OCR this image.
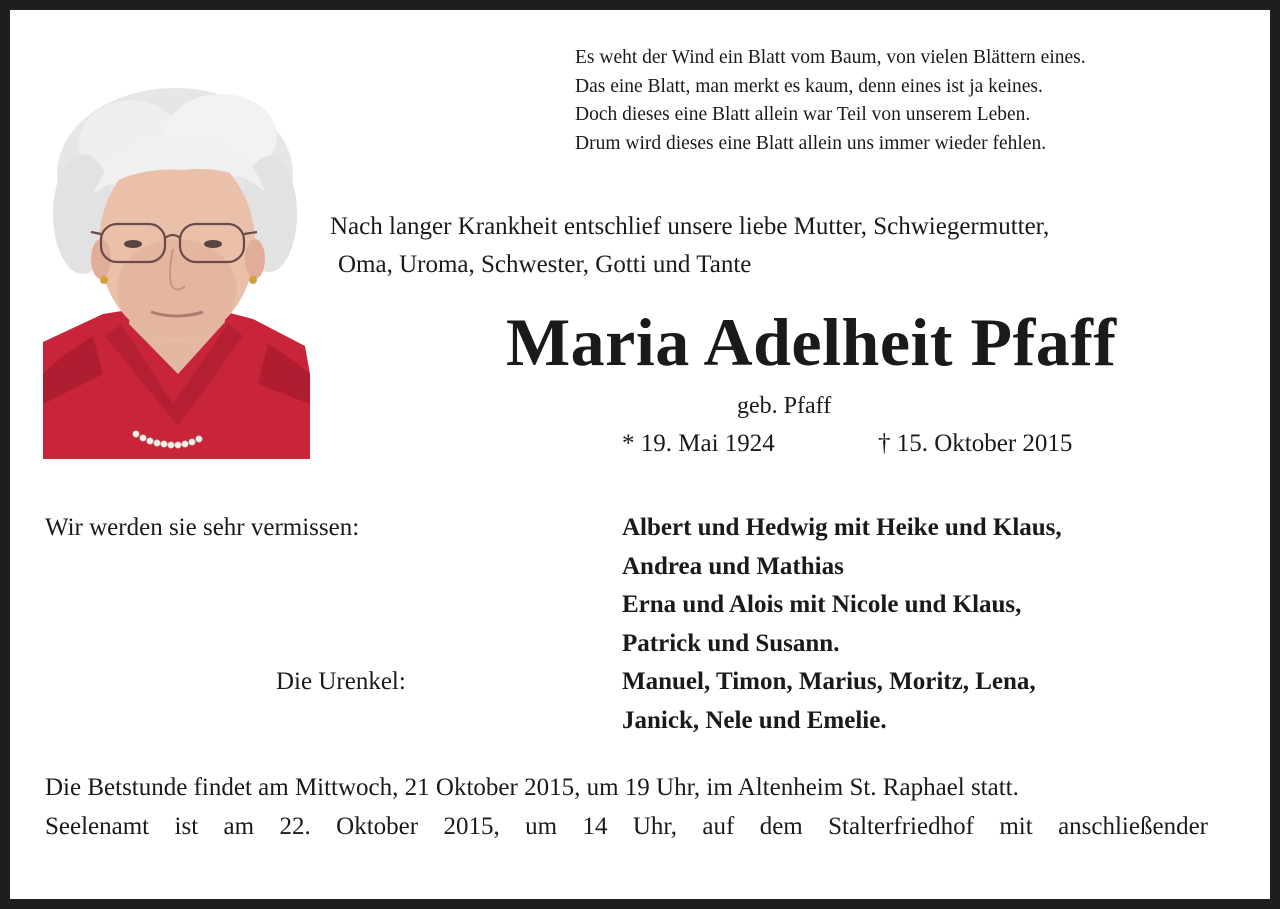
Es weht der Wind ein Blatt vom Baum, von vielen Blättern eines.
Das eine Blatt, man merkt es kaum, denn eines ist ja keines.
Doch dieses eine Blatt allein war Teil von unserem Leben.
Drum wird dieses eine Blatt allein uns immer wieder fehlen.
Nach langer Krankheit entschlief unsere liebe Mutter, Schwiegermutter,
Oma, Uroma, Schwester, Gotti und Tante
Maria Adelheit Pfaff
geb. Pfaff
* 19. Mai 1924	† 15. Oktober 2015
Wir werden sie sehr vermissen:
Die Urenkel:
Albert und Hedwig mit Heike und Klaus,
Andrea und Mathias
Erna und Alois mit Nicole und Klaus,
Patrick und Susann.
Manuel, Timon, Marius, Moritz, Lena,
Janick, Nele und Emelie.
Die Betstunde findet am Mittwoch, 21 Oktober 2015, um 19 Uhr, im Altenheim St. Raphael statt.
Seelenamt ist am 22. Oktober 2015, um 14 Uhr, auf dem Stalterfriedhof mit anschließender
